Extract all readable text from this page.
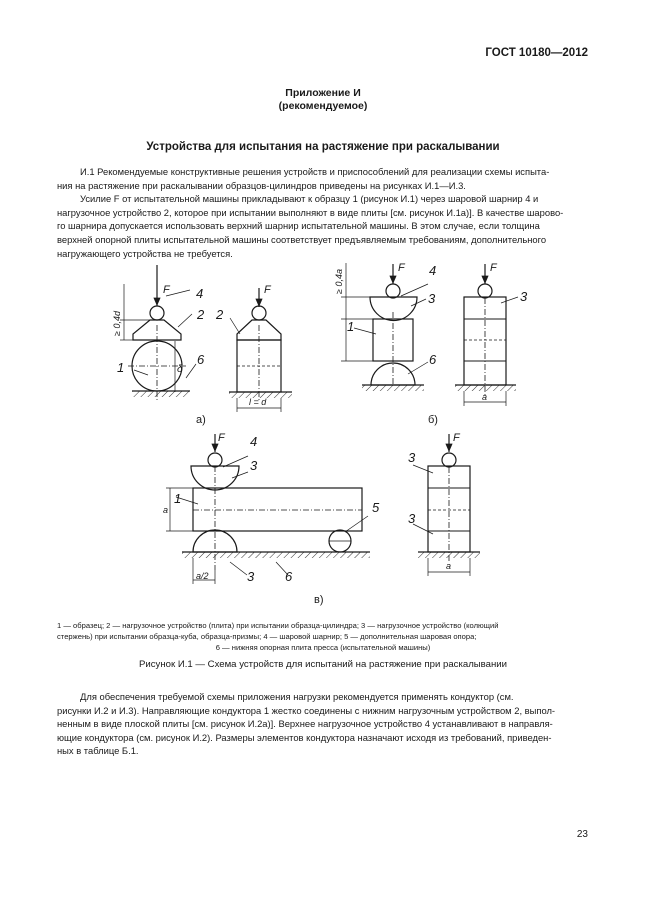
ГОСТ 10180—2012
Приложение И
(рекомендуемое)
Устройства для испытания на растяжение при раскалывании
И.1 Рекомендуемые конструктивные решения устройств и приспособлений для реализации схемы испыта-
ния на растяжение при раскалывании образцов-цилиндров приведены на рисунках И.1—И.3.
Усилие F от испытательной машины прикладывают к образцу 1 (рисунок И.1) через шаровой шарнир 4 и
нагрузочное устройство 2, которое при испытании выполняют в виде плиты [см. рисунок И.1а)]. В качестве шарово-
го шарнира допускается использовать верхний шарнир испытательной машины. В этом случае, если толщина
верхней опорной плиты испытательной машины соответствует предъявляемым требованиям, дополнительного
нагружающего устройства не требуется.
F 4
2
1
6
≥ 0,4d
δ
F
2
l = d
а)
F 4
3
1
6
≥ 0,4a
F
3
a
б)
F 4
3
1
5
3 6
a
a/2
F
3
3
a
в)
1 — образец; 2 — нагрузочное устройство (плита) при испытании образца-цилиндра; 3 — нагрузочное устройство (колющий
стержень) при испытании образца-куба, образца-призмы; 4 — шаровой шарнир; 5 — дополнительная шаровая опора;
6 — нижняя опорная плита пресса (испытательной машины)
Рисунок И.1 — Схема устройств для испытаний на растяжение при раскалывании
Для обеспечения требуемой схемы приложения нагрузки рекомендуется применять кондуктор (см.
рисунки И.2 и И.3). Направляющие кондуктора 1 жестко соединены с нижним нагрузочным устройством 2, выпол-
ненным в виде плоской плиты [см. рисунок И.2а)]. Верхнее нагрузочное устройство 4 устанавливают в направля-
ющие кондуктора (см. рисунок И.2). Размеры элементов кондуктора назначают исходя из требований, приведен-
ных в таблице Б.1.
23
